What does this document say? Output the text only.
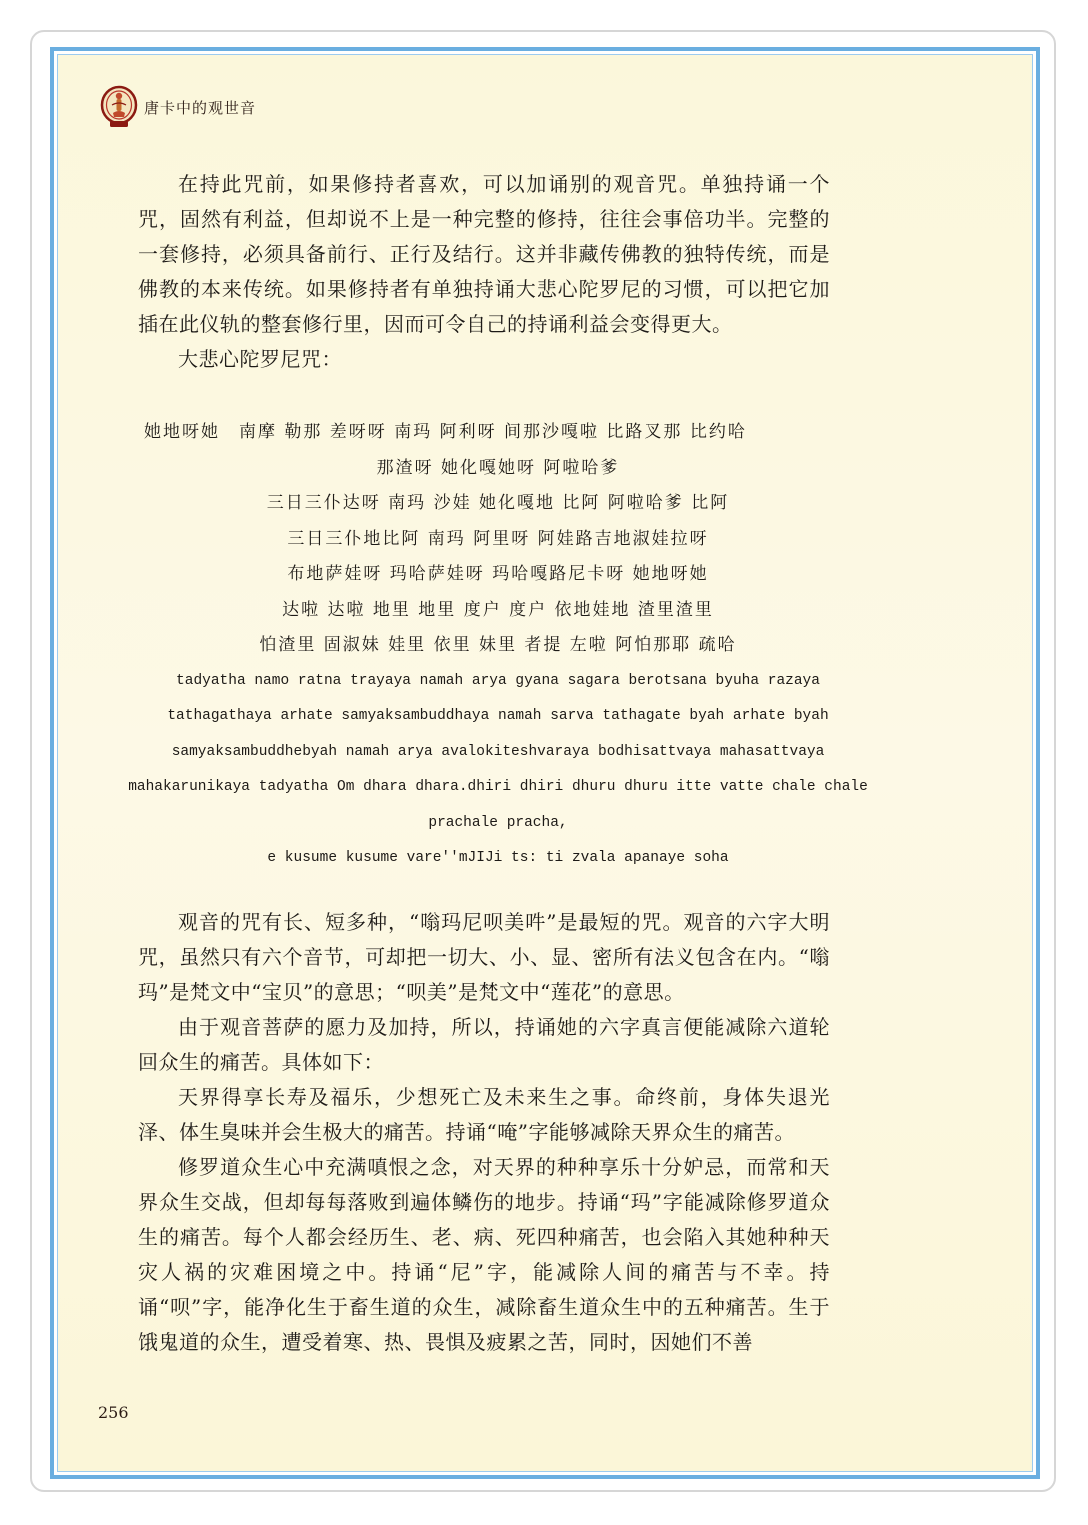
唐卡中的观世音

在持此咒前，如果修持者喜欢，可以加诵别的观音咒。单独持诵一个咒，固然有利益，但却说不上是一种完整的修持，往往会事倍功半。完整的一套修持，必须具备前行、正行及结行。这并非藏传佛教的独特传统，而是佛教的本来传统。如果修持者有单独持诵大悲心陀罗尼的习惯，可以把它加插在此仪轨的整套修行里，因而可令自己的持诵利益会变得更大。

大悲心陀罗尼咒：

她地呀她　南摩 勒那 差呀呀 南玛 阿利呀 间那沙嘎啦 比路叉那 比约哈
那渣呀 她化嘎她呀 阿啦哈爹
三日三仆达呀 南玛 沙娃 她化嘎地 比阿 阿啦哈爹 比阿
三日三仆地比阿 南玛 阿里呀 阿娃路吉地淑娃拉呀
布地萨娃呀 玛哈萨娃呀 玛哈嘎路尼卡呀 她地呀她
达啦 达啦 地里 地里 度户 度户 依地娃地 渣里渣里
怕渣里 固淑妹 娃里 依里 妹里 者提 左啦 阿怕那耶 疏哈
tadyatha namo ratna trayaya namah arya gyana sagara berotsana byuha razaya
tathagathaya arhate samyaksambuddhaya namah sarva tathagate byah arhate byah
samyaksambuddhebyah namah arya avalokiteshvaraya bodhisattvaya mahasattvaya
mahakarunikaya tadyatha Om dhara dhara.dhiri dhiri dhuru dhuru itte vatte chale chale
prachale pracha,
e kusume kusume vare''mJIJi ts: ti zvala apanaye soha

观音的咒有长、短多种，“嗡玛尼呗美吽”是最短的咒。观音的六字大明咒，虽然只有六个音节，可却把一切大、小、显、密所有法义包含在内。“嗡玛”是梵文中“宝贝”的意思；“呗美”是梵文中“莲花”的意思。

由于观音菩萨的愿力及加持，所以，持诵她的六字真言便能减除六道轮回众生的痛苦。具体如下：

天界得享长寿及福乐，少想死亡及未来生之事。命终前，身体失退光泽、体生臭味并会生极大的痛苦。持诵“唵”字能够减除天界众生的痛苦。

修罗道众生心中充满嗔恨之念，对天界的种种享乐十分妒忌，而常和天界众生交战，但却每每落败到遍体鳞伤的地步。持诵“玛”字能减除修罗道众生的痛苦。每个人都会经历生、老、病、死四种痛苦，也会陷入其她种种天灾人祸的灾难困境之中。持诵“尼”字，能减除人间的痛苦与不幸。持诵“呗”字，能净化生于畜生道的众生，减除畜生道众生中的五种痛苦。生于饿鬼道的众生，遭受着寒、热、畏惧及疲累之苦，同时，因她们不善

256
